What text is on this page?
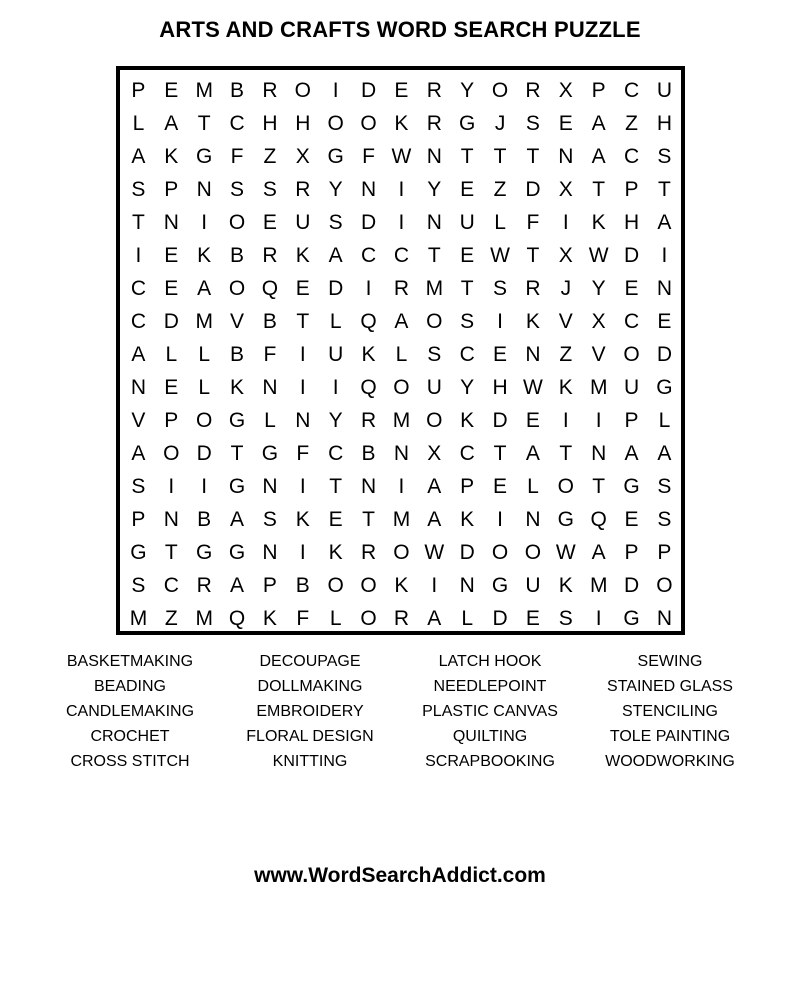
ARTS AND CRAFTS WORD SEARCH PUZZLE
P E M B R O	I	D E R Y O R X P C U
L A T C H H O O K R G J S E A Z H
A K G F Z X G F W N T T T N A C S
S P N S S R Y N	I	Y E Z D X T P T
T N	I	O E U S D	I	N U L F	I	K H A
I	E K B R K A C C T E W T X W D	I
C E A O Q E D	I	R M T S R J Y E N
C D M V B T L Q A O S	I	K V X C E
A L	L B F	I	U K L S C E N Z V O D
N E L K N	I	I	Q O U Y H W K M U G
V P O G L N Y R M O K D E	I	I	P L
A O D T G F C B N X C T A T N A A
S	I	I	G N	I	T N	I	A P E L O T G S
P N B A S K E T M A K	I	N G Q E S
G T G G N	I	K R O W D O O W A P P
S C R A P B O O K	I	N G U K M D O
M Z M Q K F L O R A L D E S	I	G N
BASKETMAKING
BEADING
CANDLEMAKING
CROCHET
CROSS STITCH
DECOUPAGE
DOLLMAKING
EMBROIDERY
FLORAL DESIGN
KNITTING
LATCH HOOK
NEEDLEPOINT
PLASTIC CANVAS
QUILTING
SCRAPBOOKING
SEWING
STAINED GLASS
STENCILING
TOLE PAINTING
WOODWORKING
www.WordSearchAddict.com
